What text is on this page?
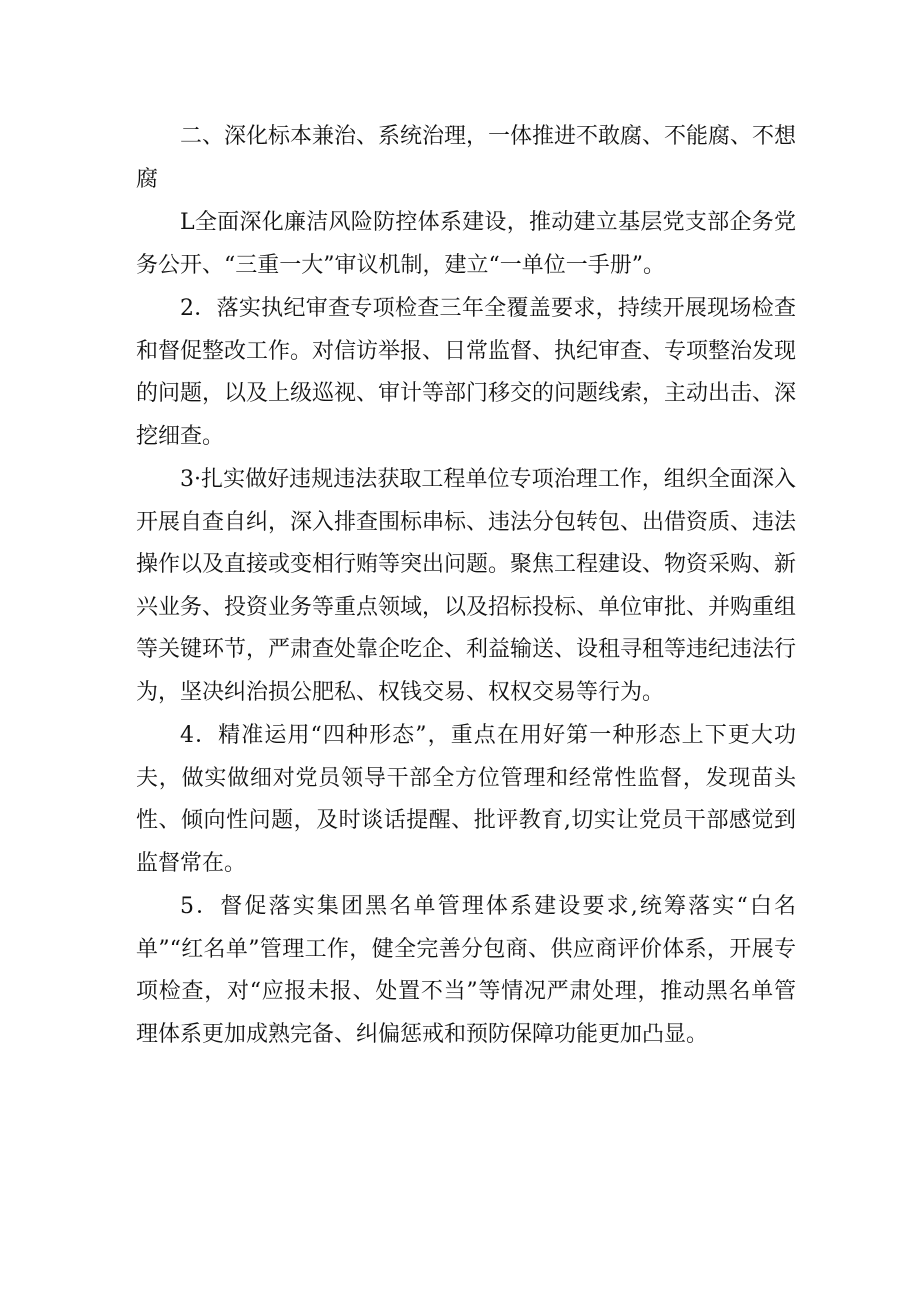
二、深化标本兼治、系统治理，一体推进不敢腐、不能腐、不想腐

L全面深化廉洁风险防控体系建设，推动建立基层党支部企务党务公开、“三重一大”审议机制，建立“一单位一手册”。

2．落实执纪审查专项检查三年全覆盖要求，持续开展现场检查和督促整改工作。对信访举报、日常监督、执纪审查、专项整治发现的问题，以及上级巡视、审计等部门移交的问题线索，主动出击、深挖细查。

3·扎实做好违规违法获取工程单位专项治理工作，组织全面深入开展自查自纠，深入排查围标串标、违法分包转包、出借资质、违法操作以及直接或变相行贿等突出问题。聚焦工程建设、物资采购、新兴业务、投资业务等重点领域，以及招标投标、单位审批、并购重组等关键环节，严肃查处靠企吃企、利益输送、设租寻租等违纪违法行为，坚决纠治损公肥私、权钱交易、权权交易等行为。

4．精准运用“四种形态”，重点在用好第一种形态上下更大功夫，做实做细对党员领导干部全方位管理和经常性监督，发现苗头性、倾向性问题，及时谈话提醒、批评教育,切实让党员干部感觉到监督常在。

5．督促落实集团黑名单管理体系建设要求,统筹落实“白名单”“红名单”管理工作，健全完善分包商、供应商评价体系，开展专项检查，对“应报未报、处置不当”等情况严肃处理，推动黑名单管理体系更加成熟完备、纠偏惩戒和预防保障功能更加凸显。
